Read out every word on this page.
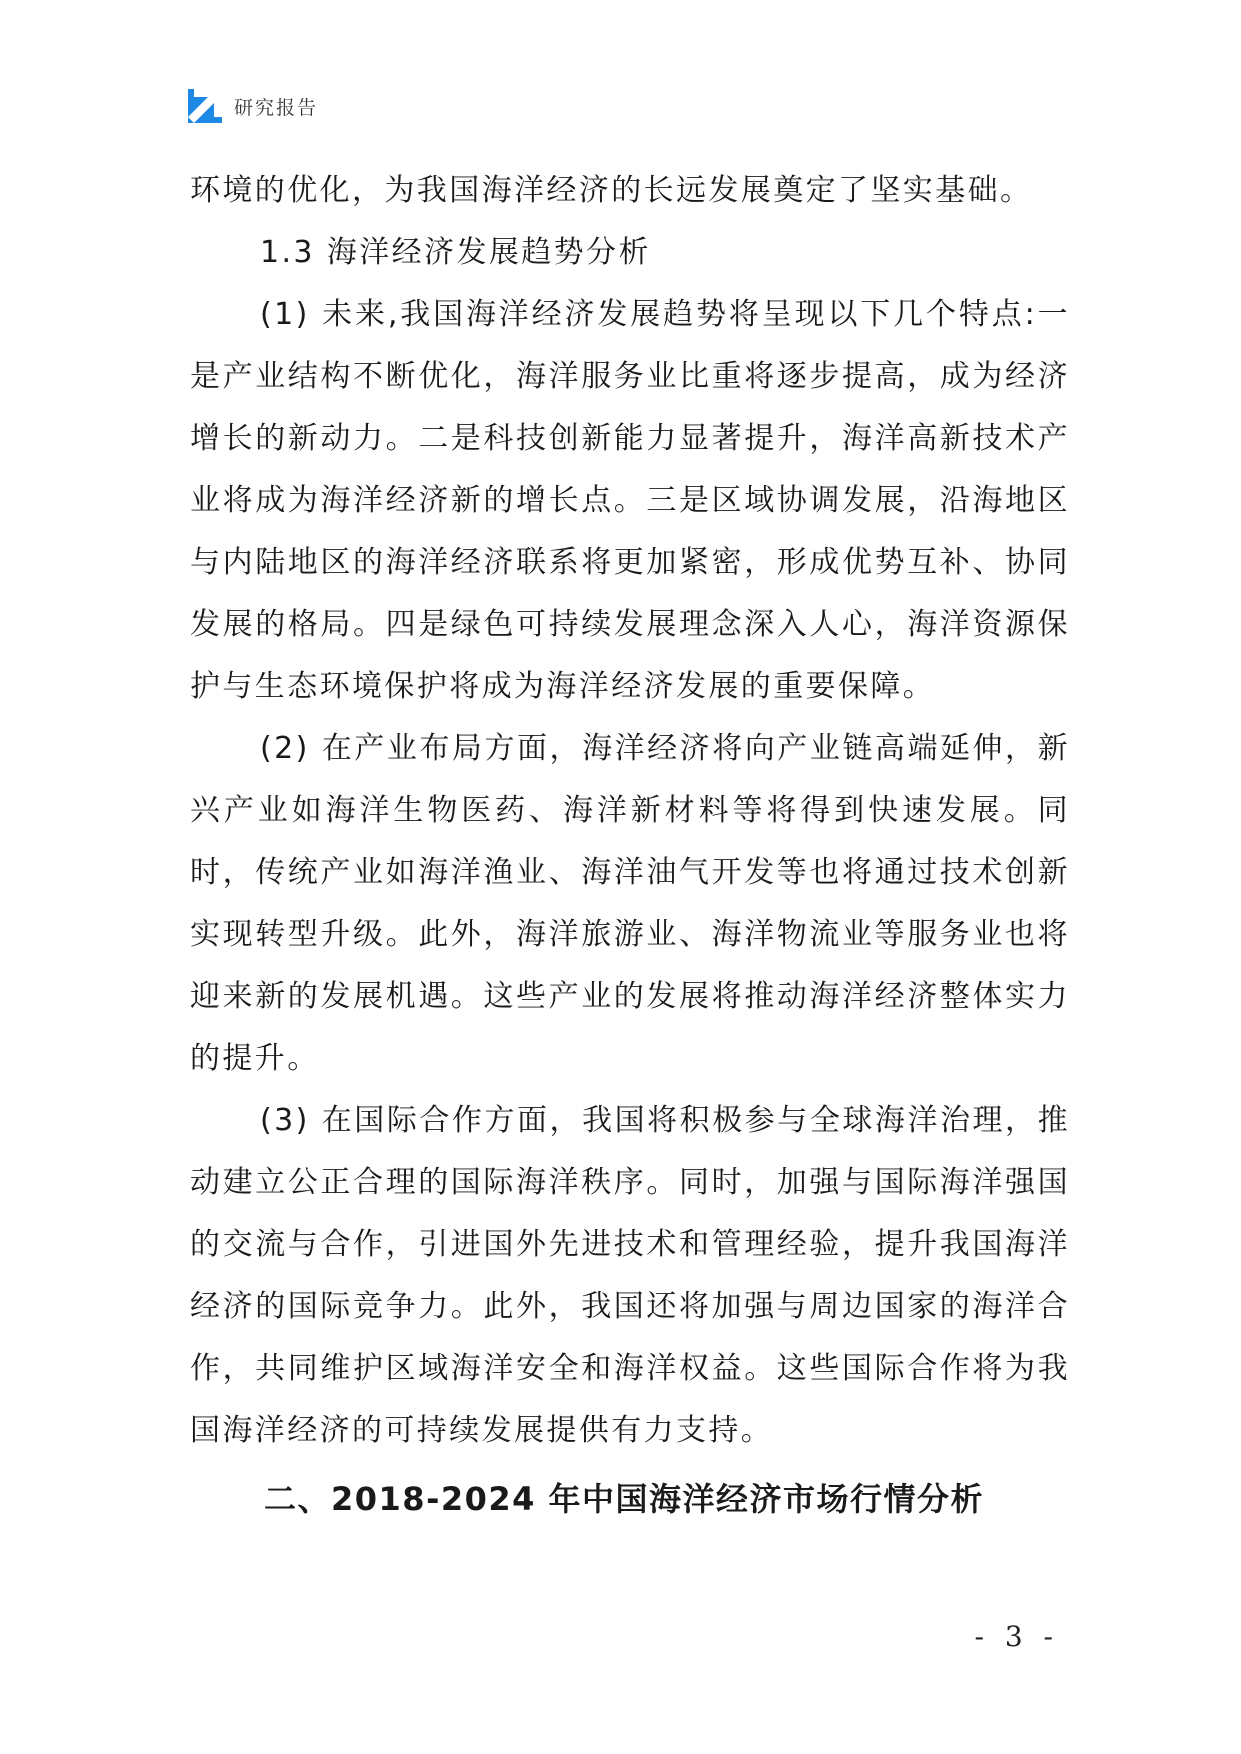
研究报告

环境的优化，为我国海洋经济的长远发展奠定了坚实基础。

1.3 海洋经济发展趋势分析

(1) 未来,我国海洋经济发展趋势将呈现以下几个特点:一是产业结构不断优化，海洋服务业比重将逐步提高，成为经济增长的新动力。二是科技创新能力显著提升，海洋高新技术产业将成为海洋经济新的增长点。三是区域协调发展，沿海地区与内陆地区的海洋经济联系将更加紧密，形成优势互补、协同发展的格局。四是绿色可持续发展理念深入人心，海洋资源保护与生态环境保护将成为海洋经济发展的重要保障。

(2) 在产业布局方面，海洋经济将向产业链高端延伸，新兴产业如海洋生物医药、海洋新材料等将得到快速发展。同时，传统产业如海洋渔业、海洋油气开发等也将通过技术创新实现转型升级。此外，海洋旅游业、海洋物流业等服务业也将迎来新的发展机遇。这些产业的发展将推动海洋经济整体实力的提升。

(3) 在国际合作方面，我国将积极参与全球海洋治理，推动建立公正合理的国际海洋秩序。同时，加强与国际海洋强国的交流与合作，引进国外先进技术和管理经验，提升我国海洋经济的国际竞争力。此外，我国还将加强与周边国家的海洋合作，共同维护区域海洋安全和海洋权益。这些国际合作将为我国海洋经济的可持续发展提供有力支持。

二、2018-2024 年中国海洋经济市场行情分析

- 3 -
